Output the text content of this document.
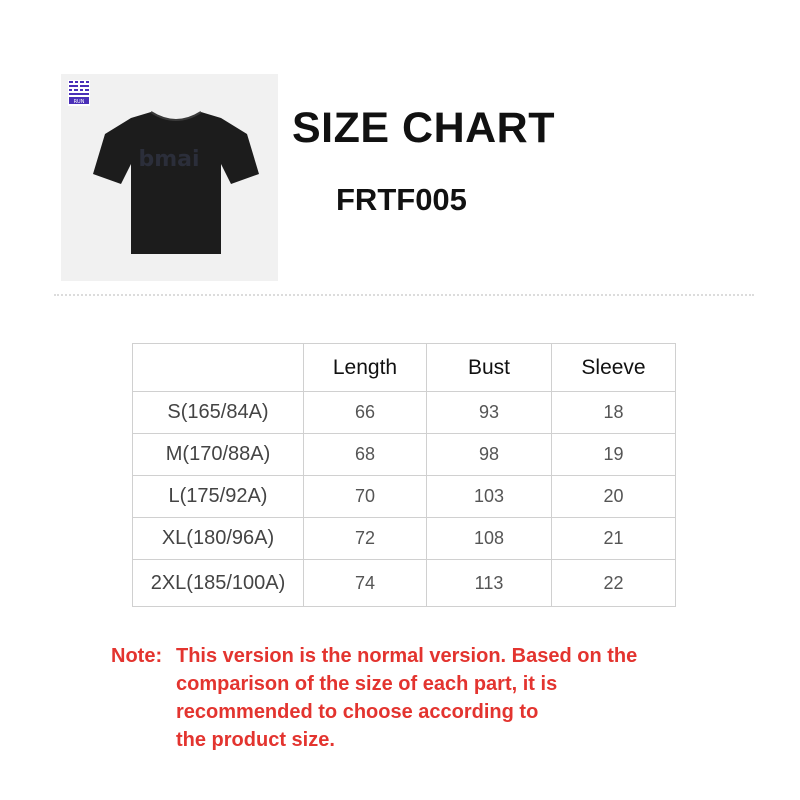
RUN
bmai
SIZE CHART
FRTF005
	Length	Bust	Sleeve
S(165/84A)	66	93	18
M(170/88A)	68	98	19
L(175/92A)	70	103	20
XL(180/96A)	72	108	21
2XL(185/100A)	74	113	22
Note: This version is the normal version. Based on the
comparison of the size of each part, it is
recommended to choose according to
the product size.
